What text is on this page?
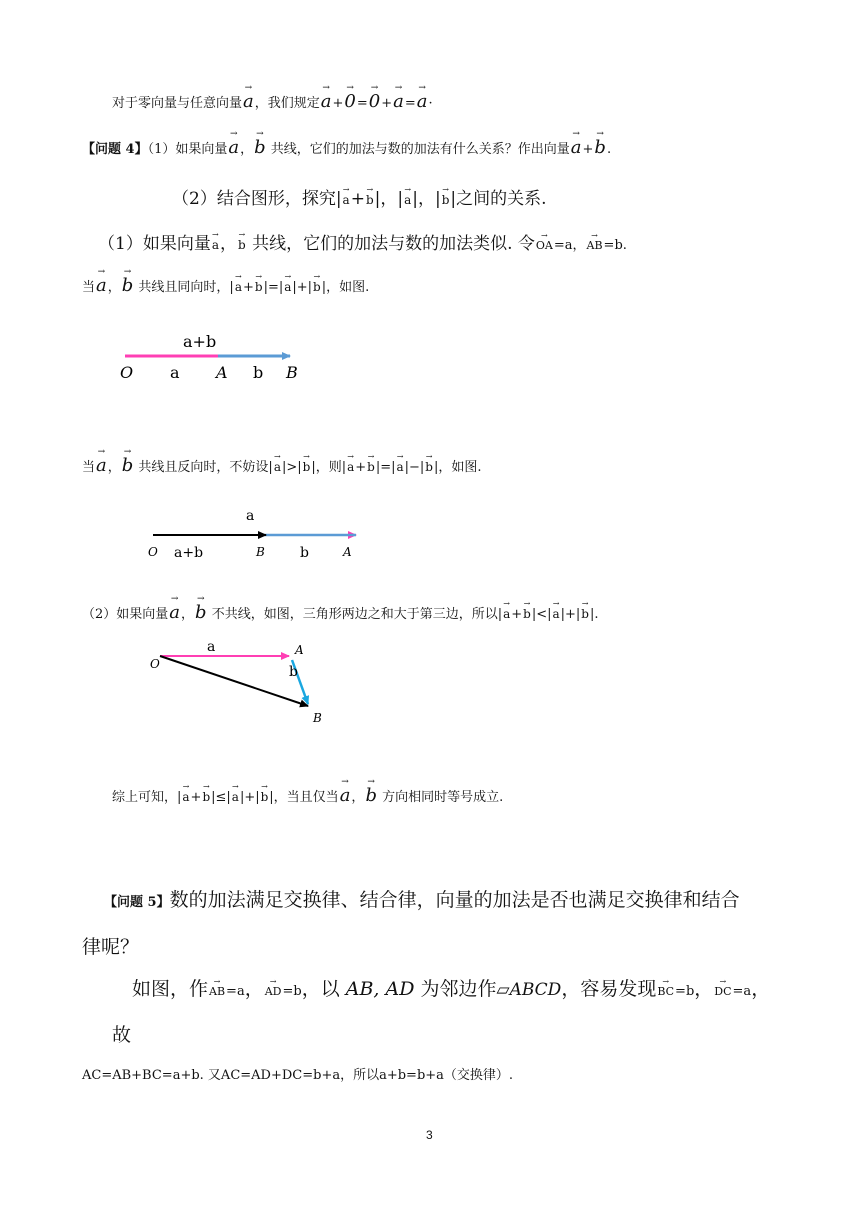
对于零向量与任意向量→ a，我们规定→ a+→ 0=→ 0+→ a=→ a·
【问题 4】（1）如果向量→ a，→ b 共线，它们的加法与数的加法有什么关系？作出向量→ a+→ b.
（2）结合图形，探究|→ a+→ b|，|→ a|，|→ b|之间的关系.
（1）如果向量→ a，→ b 共线，它们的加法与数的加法类似. 令→ OA=a，→ AB=b.
当→ a，→ b 共线且同向时，|→ a+→ b|=|→ a|+|→ b|，如图.
当→ a，→ b 共线且反向时，不妨设|→ a|>|→ b|，则|→ a+→ b|=|→ a|−|→ b|，如图.
（2）如果向量→ a，→ b 不共线，如图，三角形两边之和大于第三边，所以|→ a+→ b|<|→ a|+|→ b|.
综上可知，|→ a+→ b|≤|→ a|+|→ b|，当且仅当→ a，→ b 方向相同时等号成立.
【问题 5】数的加法满足交换律、结合律，向量的加法是否也满足交换律和结合
律呢？
如图，作→ AB=a，→ AD=b，以 AB, AD 为邻边作▱ABCD，容易发现→ BC=b，→ DC=a，
故
AC=AB+BC=a+b. 又AC=AD+DC=b+a，所以a+b=b+a（交换律）.
3
a+b
a	b
O	A	B
a
a+b	b
O	B	A
a
b
O
A
B
